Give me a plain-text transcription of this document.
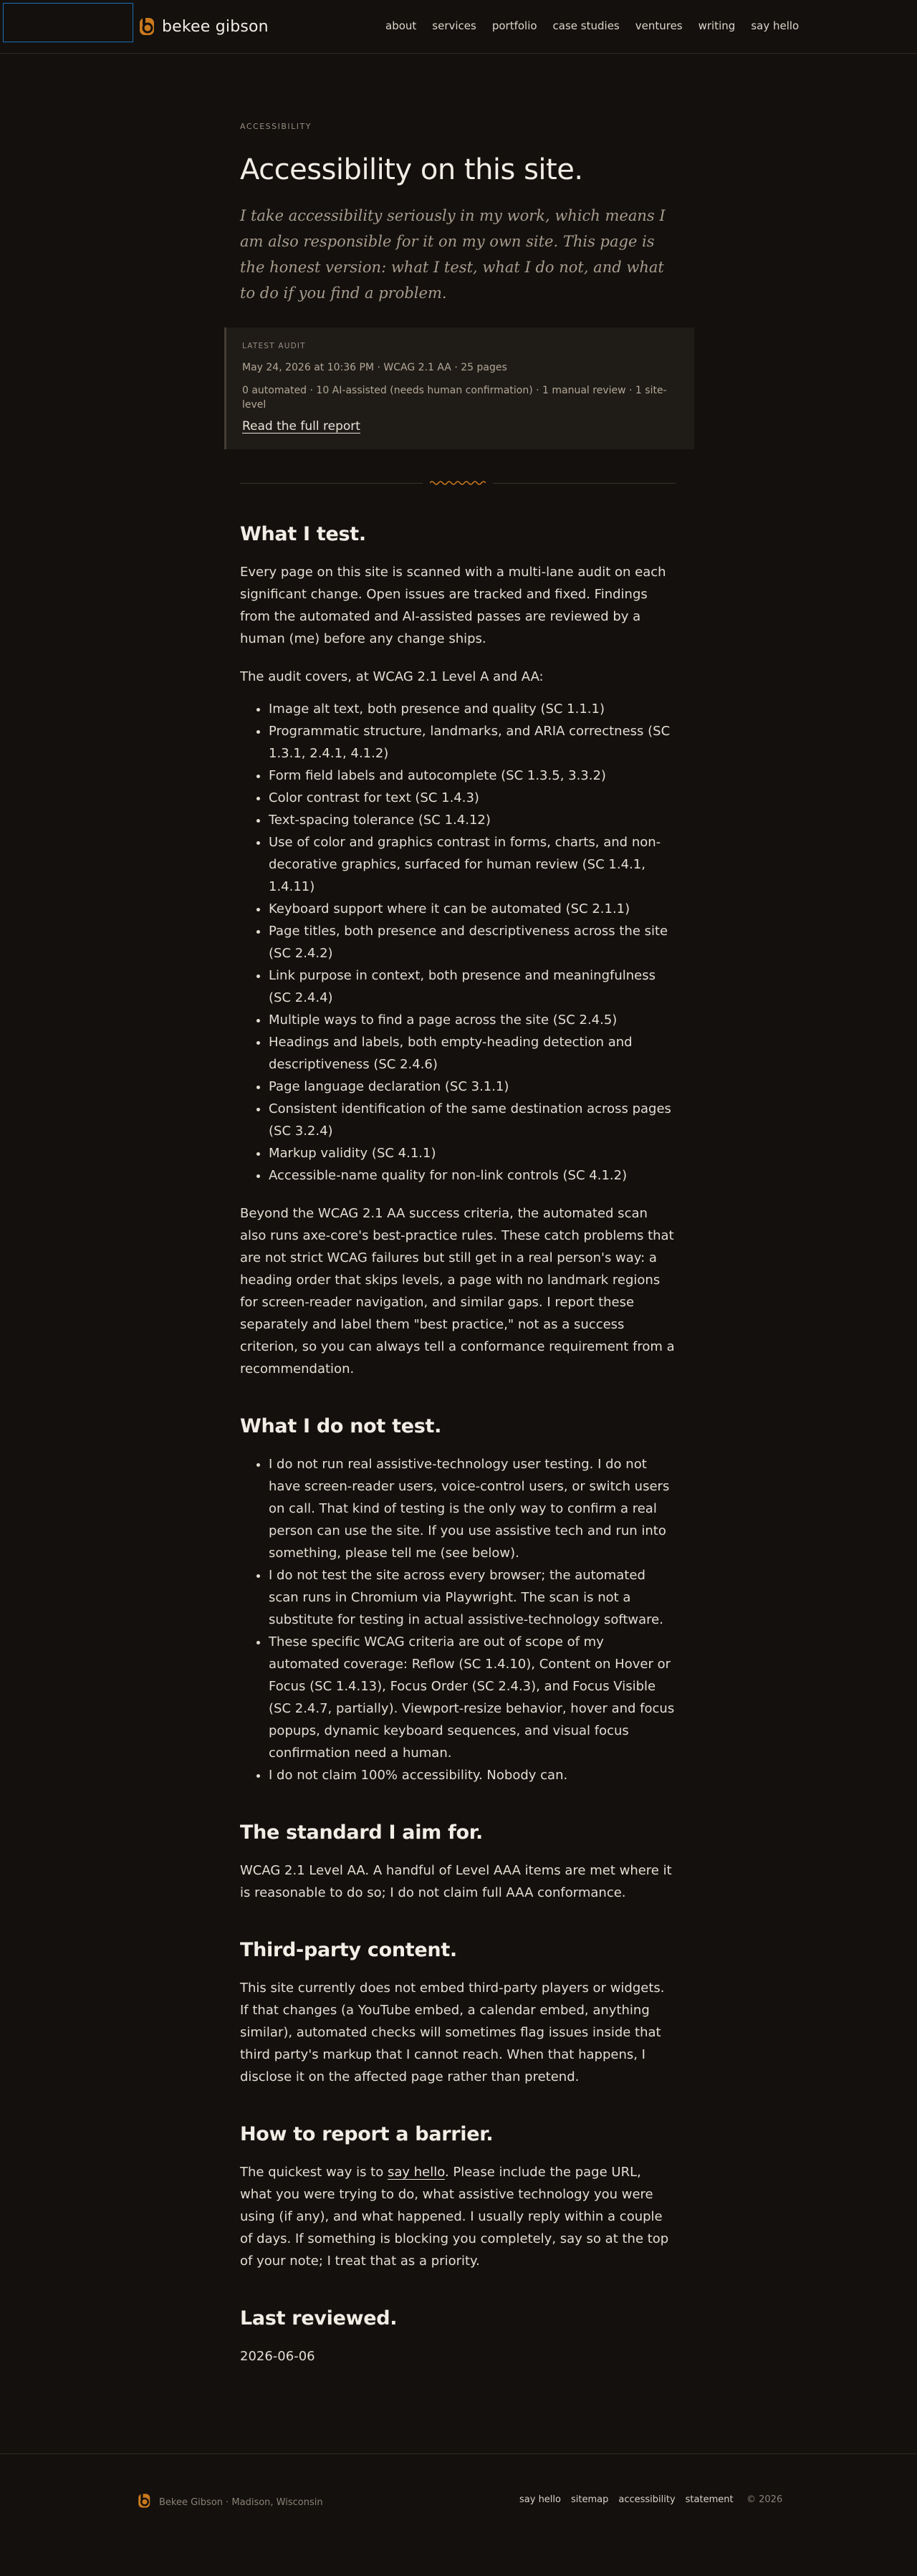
bekee gibson	about services portfolio case studies ventures writing say hello
ACCESSIBILITY
Accessibility on this site.

I take accessibility seriously in my work, which means I am also responsible for it on my own site. This page is the honest version: what I test, what I do not, and what to do if you find a problem.

LATEST AUDIT
May 24, 2026 at 10:36 PM · WCAG 2.1 AA · 25 pages
0 automated · 10 AI-assisted (needs human confirmation) · 1 manual review · 1 site-level
Read the full report
What I test.

Every page on this site is scanned with a multi-lane audit on each significant change. Open issues are tracked and fixed. Findings from the automated and AI-assisted passes are reviewed by a human (me) before any change ships.

The audit covers, at WCAG 2.1 Level A and AA:

• Image alt text, both presence and quality (SC 1.1.1)
• Programmatic structure, landmarks, and ARIA correctness (SC 1.3.1, 2.4.1, 4.1.2)
• Form field labels and autocomplete (SC 1.3.5, 3.3.2)
• Color contrast for text (SC 1.4.3)
• Text-spacing tolerance (SC 1.4.12)
• Use of color and graphics contrast in forms, charts, and non-decorative graphics, surfaced for human review (SC 1.4.1, 1.4.11)
• Keyboard support where it can be automated (SC 2.1.1)
• Page titles, both presence and descriptiveness across the site (SC 2.4.2)
• Link purpose in context, both presence and meaningfulness (SC 2.4.4)
• Multiple ways to find a page across the site (SC 2.4.5)
• Headings and labels, both empty-heading detection and descriptiveness (SC 2.4.6)
• Page language declaration (SC 3.1.1)
• Consistent identification of the same destination across pages (SC 3.2.4)
• Markup validity (SC 4.1.1)
• Accessible-name quality for non-link controls (SC 4.1.2)

Beyond the WCAG 2.1 AA success criteria, the automated scan also runs axe-core's best-practice rules. These catch problems that are not strict WCAG failures but still get in a real person's way: a heading order that skips levels, a page with no landmark regions for screen-reader navigation, and similar gaps. I report these separately and label them "best practice," not as a success criterion, so you can always tell a conformance requirement from a recommendation.

What I do not test.
• I do not run real assistive-technology user testing. I do not have screen-reader users, voice-control users, or switch users on call. That kind of testing is the only way to confirm a real person can use the site. If you use assistive tech and run into something, please tell me (see below).
• I do not test the site across every browser; the automated scan runs in Chromium via Playwright. The scan is not a substitute for testing in actual assistive-technology software.
• These specific WCAG criteria are out of scope of my automated coverage: Reflow (SC 1.4.10), Content on Hover or Focus (SC 1.4.13), Focus Order (SC 2.4.3), and Focus Visible (SC 2.4.7, partially). Viewport-resize behavior, hover and focus popups, dynamic keyboard sequences, and visual focus confirmation need a human.
• I do not claim 100% accessibility. Nobody can.
The standard I aim for.

WCAG 2.1 Level AA. A handful of Level AAA items are met where it is reasonable to do so; I do not claim full AAA conformance.

Third-party content.

This site currently does not embed third-party players or widgets. If that changes (a YouTube embed, a calendar embed, anything similar), automated checks will sometimes flag issues inside that third party's markup that I cannot reach. When that happens, I disclose it on the affected page rather than pretend.

How to report a barrier.

The quickest way is to say hello. Please include the page URL, what you were trying to do, what assistive technology you were using (if any), and what happened. I usually reply within a couple of days. If something is blocking you completely, say so at the top of your note; I treat that as a priority.

Last reviewed.

2026-06-06

Bekee Gibson · Madison, Wisconsin	say hello sitemap accessibility statement © 2026
